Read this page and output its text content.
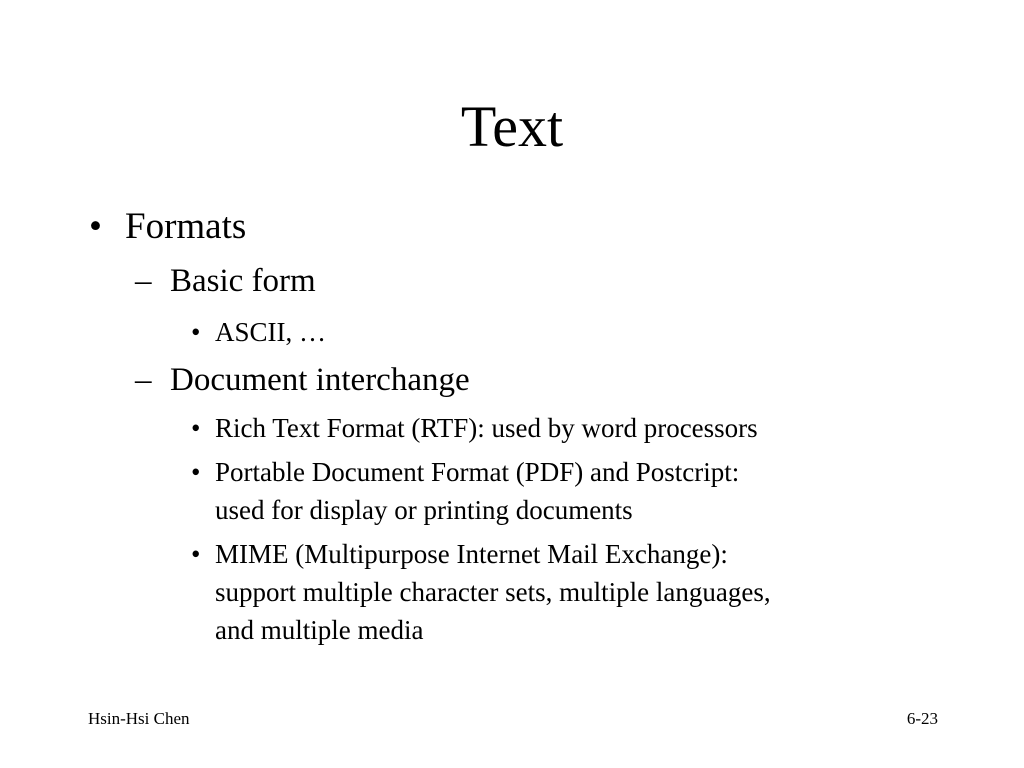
Text
• Formats
– Basic form
• ASCII, …
– Document interchange
• Rich Text Format (RTF): used by word processors
• Portable Document Format (PDF) and Postcript:
used for display or printing documents
• MIME (Multipurpose Internet Mail Exchange):
support multiple character sets, multiple languages,
and multiple media
Hsin-Hsi Chen	6-23
